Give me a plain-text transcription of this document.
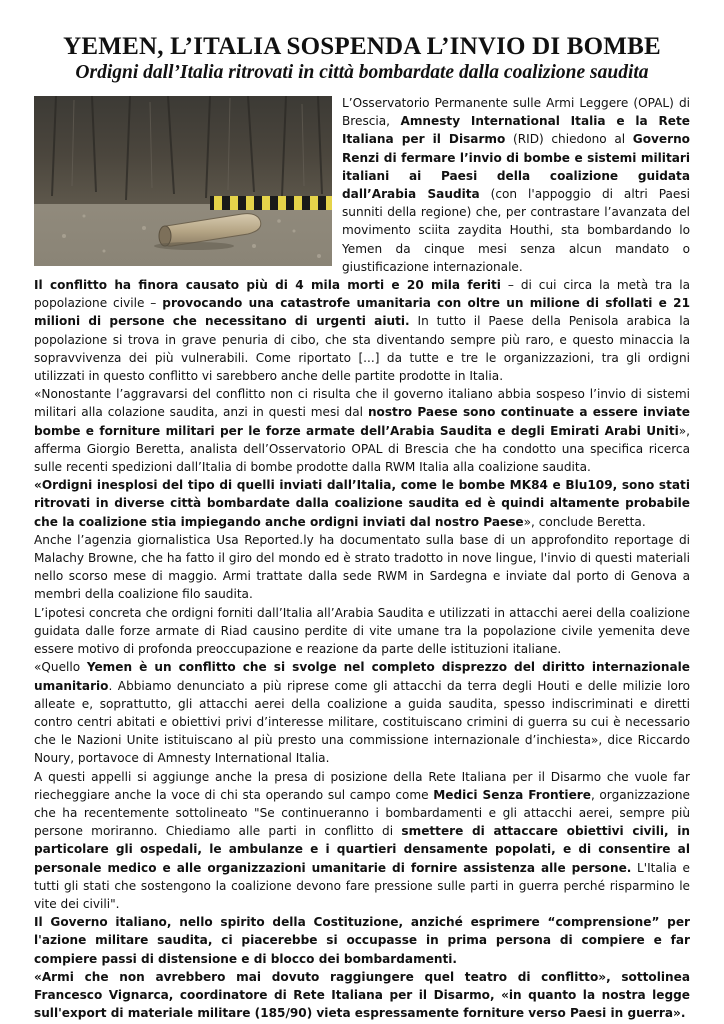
YEMEN, L’ITALIA SOSPENDA L’INVIO DI BOMBE
Ordigni dall’Italia ritrovati in città bombardate dalla coalizione saudita

L’Osservatorio Permanente sulle Armi Leggere (OPAL) di Brescia, Amnesty International Italia e la Rete Italiana per il Disarmo (RID) chiedono al Governo Renzi di fermare l’invio di bombe e sistemi militari italiani ai Paesi della coalizione guidata dall’Arabia Saudita (con l'appoggio di altri Paesi sunniti della regione) che, per contrastare l’avanzata del movimento sciita zaydita Houthi, sta bombardando lo Yemen da cinque mesi senza alcun mandato o giustificazione internazionale.

Il conflitto ha finora causato più di 4 mila morti e 20 mila feriti – di cui circa la metà tra la popolazione civile – provocando una catastrofe umanitaria con oltre un milione di sfollati e 21 milioni di persone che necessitano di urgenti aiuti. In tutto il Paese della Penisola arabica la popolazione si trova in grave penuria di cibo, che sta diventando sempre più raro, e questo minaccia la sopravvivenza dei più vulnerabili. Come riportato [...] da tutte e tre le organizzazioni, tra gli ordigni utilizzati in questo conflitto vi sarebbero anche delle partite prodotte in Italia.

«Nonostante l’aggravarsi del conflitto non ci risulta che il governo italiano abbia sospeso l’invio di sistemi militari alla colazione saudita, anzi in questi mesi dal nostro Paese sono continuate a essere inviate bombe e forniture militari per le forze armate dell’Arabia Saudita e degli Emirati Arabi Uniti», afferma Giorgio Beretta, analista dell’Osservatorio OPAL di Brescia che ha condotto una specifica ricerca sulle recenti spedizioni dall’Italia di bombe prodotte dalla RWM Italia alla coalizione saudita.

«Ordigni inesplosi del tipo di quelli inviati dall’Italia, come le bombe MK84 e Blu109, sono stati ritrovati in diverse città bombardate dalla coalizione saudita ed è quindi altamente probabile che la coalizione stia impiegando anche ordigni inviati dal nostro Paese», conclude Beretta.

Anche l’agenzia giornalistica Usa Reported.ly ha documentato sulla base di un approfondito reportage di Malachy Browne, che ha fatto il giro del mondo ed è strato tradotto in nove lingue, l'invio di questi materiali nello scorso mese di maggio. Armi trattate dalla sede RWM in Sardegna e inviate dal porto di Genova a membri della coalizione filo saudita.

L’ipotesi concreta che ordigni forniti dall’Italia all’Arabia Saudita e utilizzati in attacchi aerei della coalizione guidata dalle forze armate di Riad causino perdite di vite umane tra la popolazione civile yemenita deve essere motivo di profonda preoccupazione e reazione da parte delle istituzioni italiane.

«Quello Yemen è un conflitto che si svolge nel completo disprezzo del diritto internazionale umanitario. Abbiamo denunciato a più riprese come gli attacchi da terra degli Houti e delle milizie loro alleate e, soprattutto, gli attacchi aerei della coalizione a guida saudita, spesso indiscriminati e diretti contro centri abitati e obiettivi privi d’interesse militare, costituiscano crimini di guerra su cui è necessario che le Nazioni Unite istituiscano al più presto una commissione internazionale d’inchiesta», dice Riccardo Noury, portavoce di Amnesty International Italia.

A questi appelli si aggiunge anche la presa di posizione della Rete Italiana per il Disarmo che vuole far riecheggiare anche la voce di chi sta operando sul campo come Medici Senza Frontiere, organizzazione che ha recentemente sottolineato "Se continueranno i bombardamenti e gli attacchi aerei, sempre più persone moriranno. Chiediamo alle parti in conflitto di smettere di attaccare obiettivi civili, in particolare gli ospedali, le ambulanze e i quartieri densamente popolati, e di consentire al personale medico e alle organizzazioni umanitarie di fornire assistenza alle persone. L'Italia e tutti gli stati che sostengono la coalizione devono fare pressione sulle parti in guerra perché risparmino le vite dei civili".

Il Governo italiano, nello spirito della Costituzione, anziché esprimere “comprensione” per l'azione militare saudita, ci piacerebbe si occupasse in prima persona di compiere e far compiere passi di distensione e di blocco dei bombardamenti.

«Armi che non avrebbero mai dovuto raggiungere quel teatro di conflitto», sottolinea Francesco Vignarca, coordinatore di Rete Italiana per il Disarmo, «in quanto la nostra legge sull'export di materiale militare (185/90) vieta espressamente forniture verso Paesi in guerra».
